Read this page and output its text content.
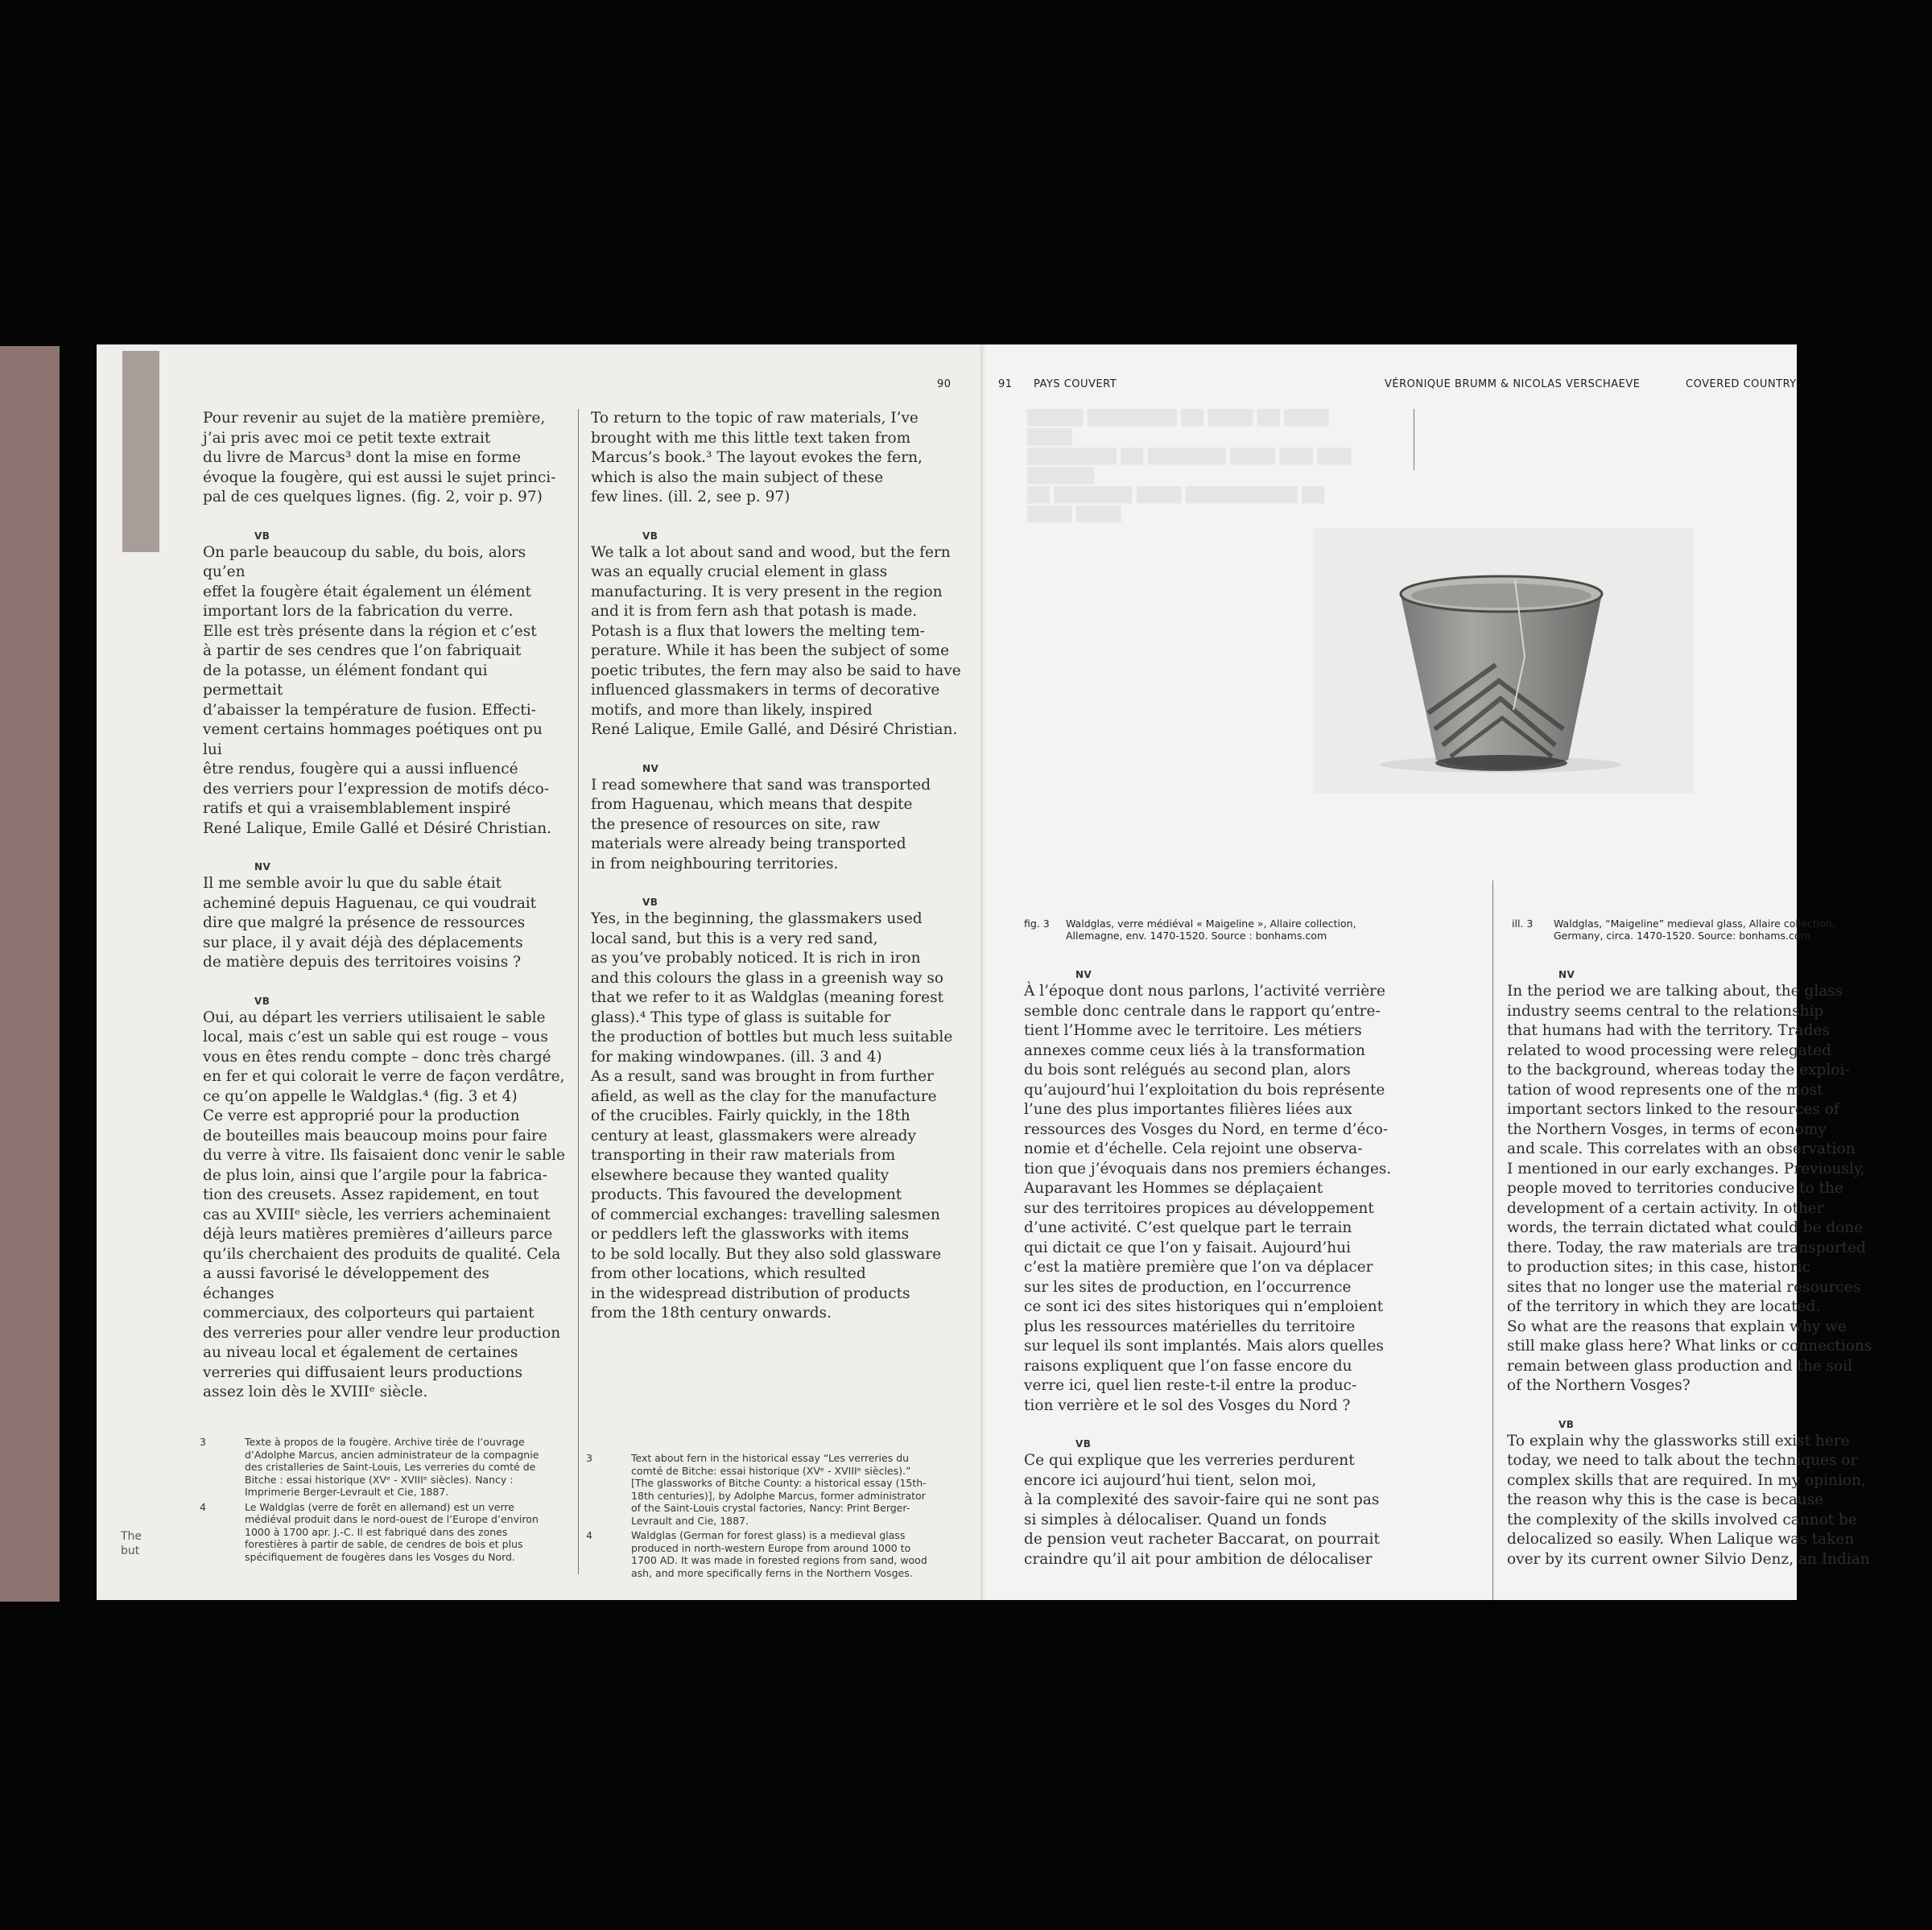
90

Pour revenir au sujet de la matière première,
j’ai pris avec moi ce petit texte extrait
du livre de Marcus³ dont la mise en forme
évoque la fougère, qui est aussi le sujet princi-
pal de ces quelques lignes. (fig. 2, voir p. 97)

VB

On parle beaucoup du sable, du bois, alors qu’en
effet la fougère était également un élément
important lors de la fabrication du verre.
Elle est très présente dans la région et c’est
à partir de ses cendres que l’on fabriquait
de la potasse, un élément fondant qui permettait
d’abaisser la température de fusion. Effecti-
vement certains hommages poétiques ont pu lui
être rendus, fougère qui a aussi influencé
des verriers pour l’expression de motifs déco-
ratifs et qui a vraisemblablement inspiré
René Lalique, Emile Gallé et Désiré Christian.

NV

Il me semble avoir lu que du sable était
acheminé depuis Haguenau, ce qui voudrait
dire que malgré la présence de ressources
sur place, il y avait déjà des déplacements
de matière depuis des territoires voisins ?

VB

Oui, au départ les verriers utilisaient le sable
local, mais c’est un sable qui est rouge – vous
vous en êtes rendu compte – donc très chargé
en fer et qui colorait le verre de façon verdâtre,
ce qu’on appelle le Waldglas.⁴ (fig. 3 et 4)
Ce verre est approprié pour la production
de bouteilles mais beaucoup moins pour faire
du verre à vitre. Ils faisaient donc venir le sable
de plus loin, ainsi que l’argile pour la fabrica-
tion des creusets. Assez rapidement, en tout
cas au XVIIIᵉ siècle, les verriers acheminaient
déjà leurs matières premières d’ailleurs parce
qu’ils cherchaient des produits de qualité. Cela
a aussi favorisé le développement des échanges
commerciaux, des colporteurs qui partaient
des verreries pour aller vendre leur production
au niveau local et également de certaines
verreries qui diffusaient leurs productions
assez loin dès le XVIIIᵉ siècle.

To return to the topic of raw materials, I’ve
brought with me this little text taken from
Marcus’s book.³ The layout evokes the fern,
which is also the main subject of these
few lines. (ill. 2, see p. 97)

VB

We talk a lot about sand and wood, but the fern
was an equally crucial element in glass
manufacturing. It is very present in the region
and it is from fern ash that potash is made.
Potash is a flux that lowers the melting tem-
perature. While it has been the subject of some
poetic tributes, the fern may also be said to have
influenced glassmakers in terms of decorative
motifs, and more than likely, inspired
René Lalique, Emile Gallé, and Désiré Christian.

NV

I read somewhere that sand was transported
from Haguenau, which means that despite
the presence of resources on site, raw
materials were already being transported
in from neighbouring territories.

VB

Yes, in the beginning, the glassmakers used
local sand, but this is a very red sand,
as you’ve probably noticed. It is rich in iron
and this colours the glass in a greenish way so
that we refer to it as Waldglas (meaning forest
glass).⁴ This type of glass is suitable for
the production of bottles but much less suitable
for making windowpanes. (ill. 3 and 4)
As a result, sand was brought in from further
afield, as well as the clay for the manufacture
of the crucibles. Fairly quickly, in the 18th
century at least, glassmakers were already
transporting in their raw materials from
elsewhere because they wanted quality
products. This favoured the development
of commercial exchanges: travelling salesmen
or peddlers left the glassworks with items
to be sold locally. But they also sold glassware
from other locations, which resulted
in the widespread distribution of products
from the 18th century onwards.

3	Texte à propos de la fougère. Archive tirée de l’ouvrage d’Adolphe Marcus, ancien administrateur de la compagnie des cristalleries de Saint-Louis, Les verreries du comté de Bitche : essai historique (XVᵉ - XVIIIᵉ siècles). Nancy : Imprimerie Berger-Levrault et Cie, 1887.
4	Le Waldglas (verre de forêt en allemand) est un verre médiéval produit dans le nord-ouest de l’Europe d’environ 1000 à 1700 apr. J.-C. Il est fabriqué dans des zones forestières à partir de sable, de cendres de bois et plus spécifiquement de fougères dans les Vosges du Nord.
3	Text about fern in the historical essay “Les verreries du comté de Bitche: essai historique (XVᵉ - XVIIIᵉ siècles).” [The glassworks of Bitche County: a historical essay (15th-18th centuries)], by Adolphe Marcus, former administrator of the Saint-Louis crystal factories, Nancy: Print Berger-Levrault and Cie, 1887.
4	Waldglas (German for forest glass) is a medieval glass produced in north-western Europe from around 1000 to 1700 AD. It was made in forested regions from sand, wood ash, and more specifically ferns in the Northern Vosges.
█████ ████████ ██ ████ ██ ████ ████
████████ ██ ███████ ████ ███ ███ ██████
██ ███████ ████ ██████████ ██ ████ ████
91 PAYS COUVERT	VÉRONIQUE BRUMM & NICOLAS VERSCHAEVE	COVERED COUNTRY
fig. 3 Waldglas, verre médiéval « Maigeline », Allaire collection, Allemagne, env. 1470-1520. Source : bonhams.com
ill. 3 Waldglas, “Maigeline” medieval glass, Allaire collection, Germany, circa. 1470-1520. Source: bonhams.com
NV

À l’époque dont nous parlons, l’activité verrière
semble donc centrale dans le rapport qu’entre-
tient l’Homme avec le territoire. Les métiers
annexes comme ceux liés à la transformation
du bois sont relégués au second plan, alors
qu’aujourd’hui l’exploitation du bois représente
l’une des plus importantes filières liées aux
ressources des Vosges du Nord, en terme d’éco-
nomie et d’échelle. Cela rejoint une observa-
tion que j’évoquais dans nos premiers échanges.
Auparavant les Hommes se déplaçaient
sur des territoires propices au développement
d’une activité. C’est quelque part le terrain
qui dictait ce que l’on y faisait. Aujourd’hui
c’est la matière première que l’on va déplacer
sur les sites de production, en l’occurrence
ce sont ici des sites historiques qui n’emploient
plus les ressources matérielles du territoire
sur lequel ils sont implantés. Mais alors quelles
raisons expliquent que l’on fasse encore du
verre ici, quel lien reste-t-il entre la produc-
tion verrière et le sol des Vosges du Nord ?

VB

Ce qui explique que les verreries perdurent
encore ici aujourd’hui tient, selon moi,
à la complexité des savoir-faire qui ne sont pas
si simples à délocaliser. Quand un fonds
de pension veut racheter Baccarat, on pourrait
craindre qu’il ait pour ambition de délocaliser

NV

In the period we are talking about, the glass
industry seems central to the relationship
that humans had with the territory. Trades
related to wood processing were relegated
to the background, whereas today the exploi-
tation of wood represents one of the most
important sectors linked to the resources of
the Northern Vosges, in terms of economy
and scale. This correlates with an observation
I mentioned in our early exchanges. Previously,
people moved to territories conducive to the
development of a certain activity. In other
words, the terrain dictated what could be done
there. Today, the raw materials are transported
to production sites; in this case, historic
sites that no longer use the material resources
of the territory in which they are located.
So what are the reasons that explain why we
still make glass here? What links or connections
remain between glass production and the soil
of the Northern Vosges?

VB

To explain why the glassworks still exist here
today, we need to talk about the techniques or
complex skills that are required. In my opinion,
the reason why this is the case is because
the complexity of the skills involved cannot be
delocalized so easily. When Lalique was taken
over by its current owner Silvio Denz, an Indian

The
but
